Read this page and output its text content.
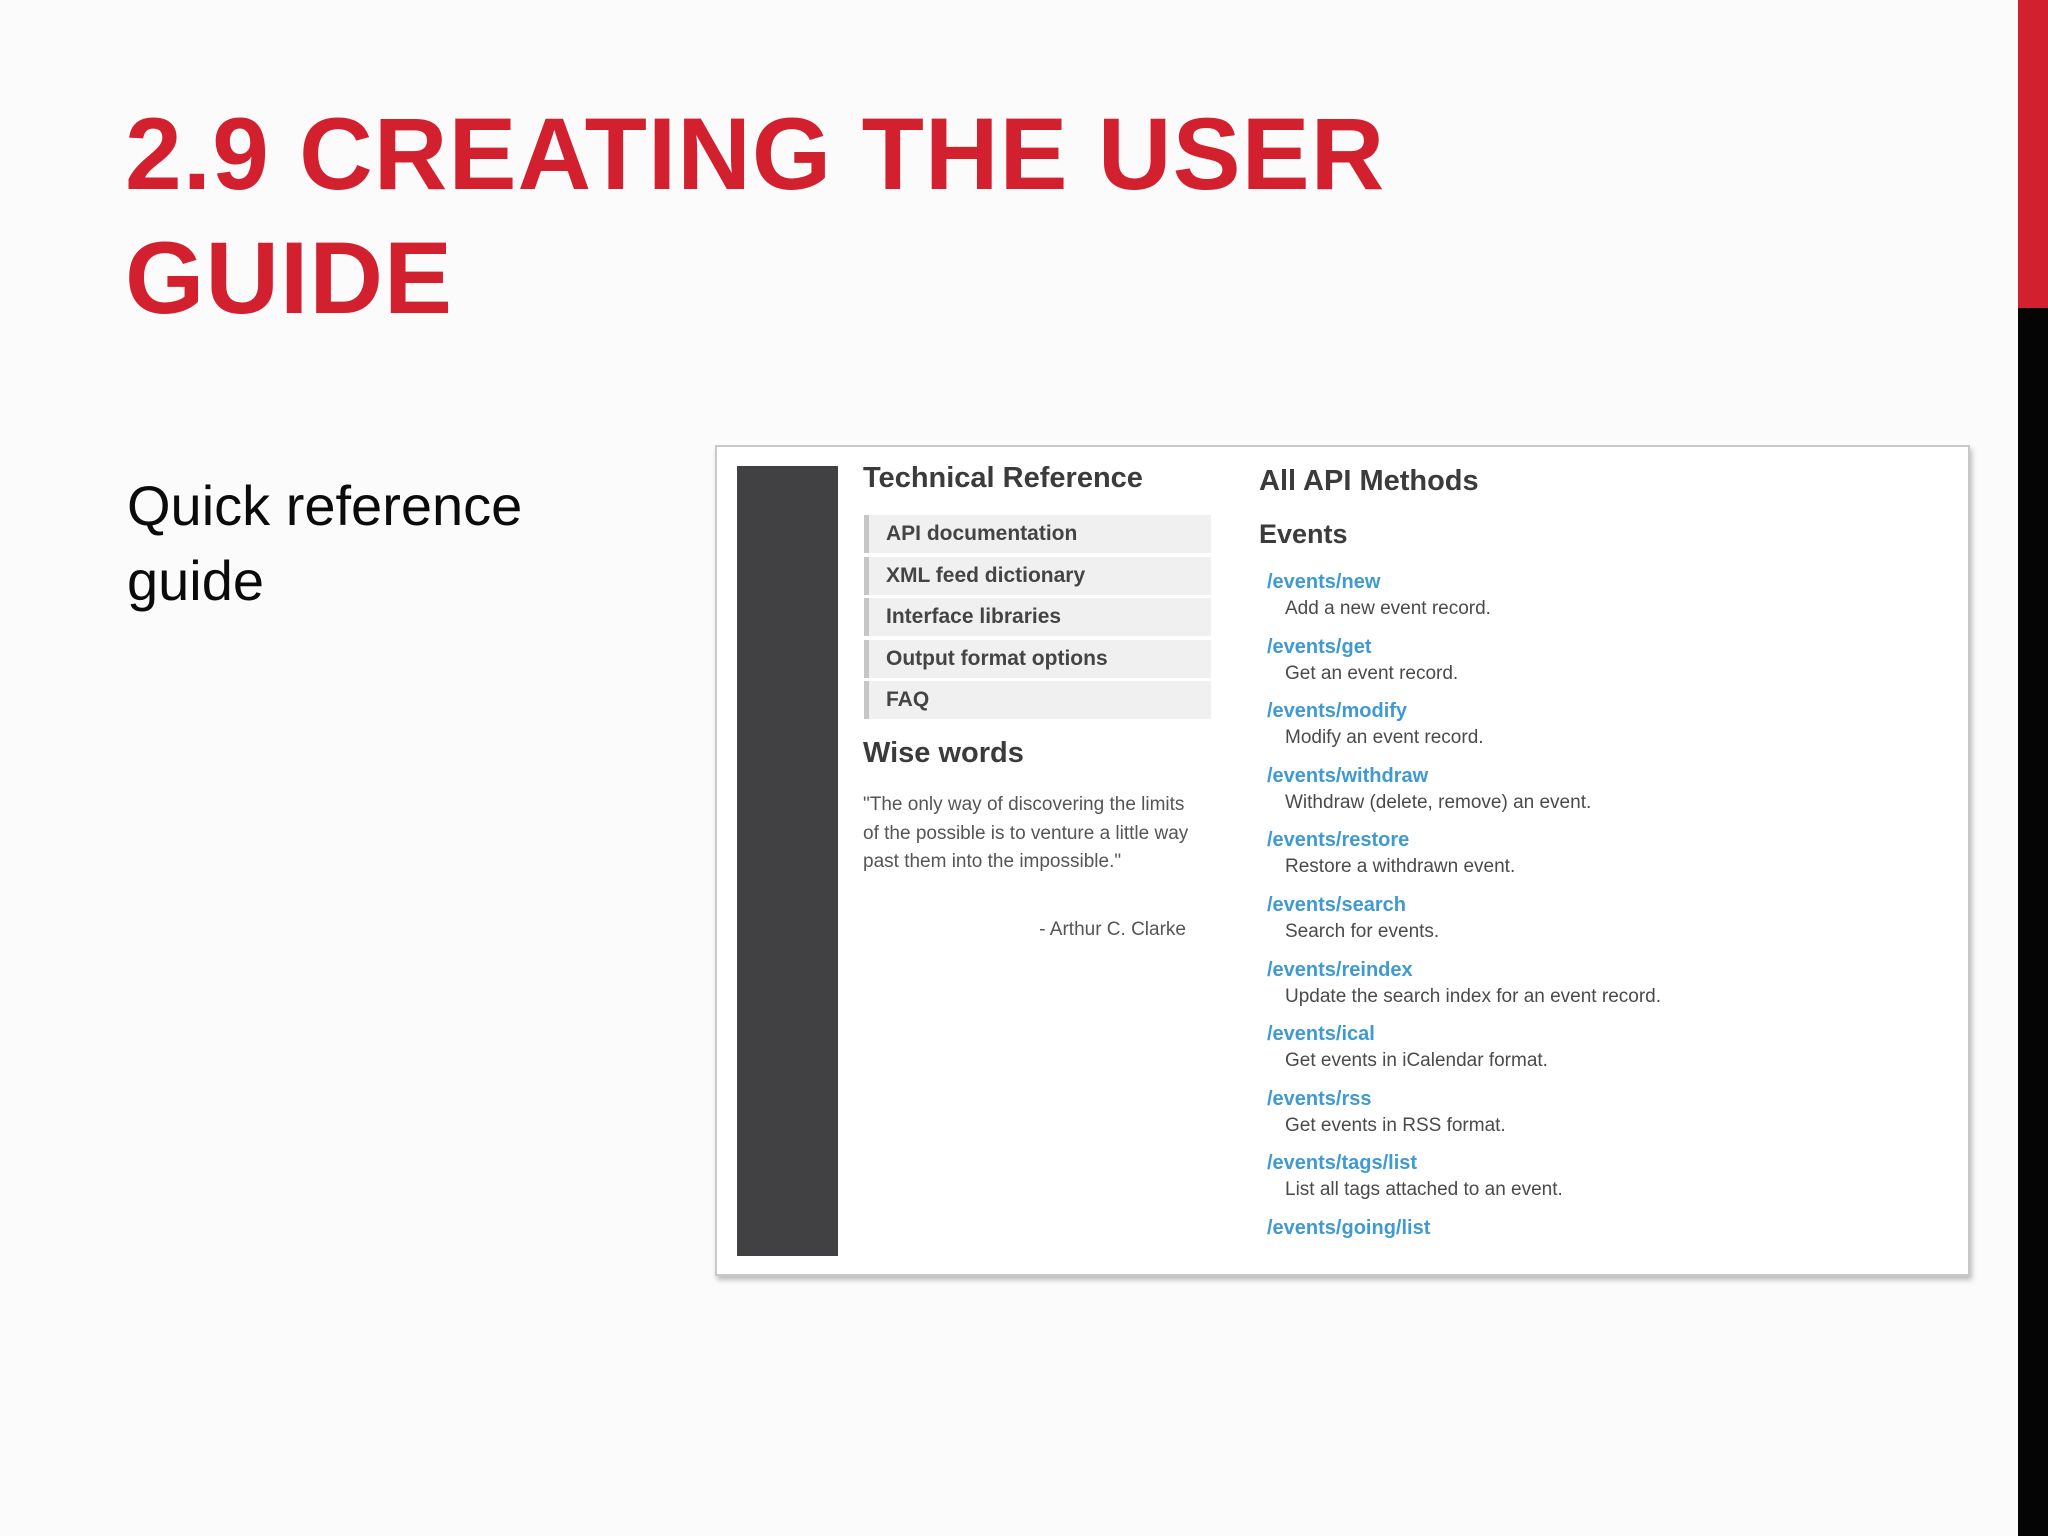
2.9 CREATING THE USER GUIDE
Quick reference guide
Technical Reference
API documentation
XML feed dictionary
Interface libraries
Output format options
FAQ
Wise words
"The only way of discovering the limits of the possible is to venture a little way past them into the impossible."
- Arthur C. Clarke
All API Methods
Events
/events/new
Add a new event record.
/events/get
Get an event record.
/events/modify
Modify an event record.
/events/withdraw
Withdraw (delete, remove) an event.
/events/restore
Restore a withdrawn event.
/events/search
Search for events.
/events/reindex
Update the search index for an event record.
/events/ical
Get events in iCalendar format.
/events/rss
Get events in RSS format.
/events/tags/list
List all tags attached to an event.
/events/going/list
